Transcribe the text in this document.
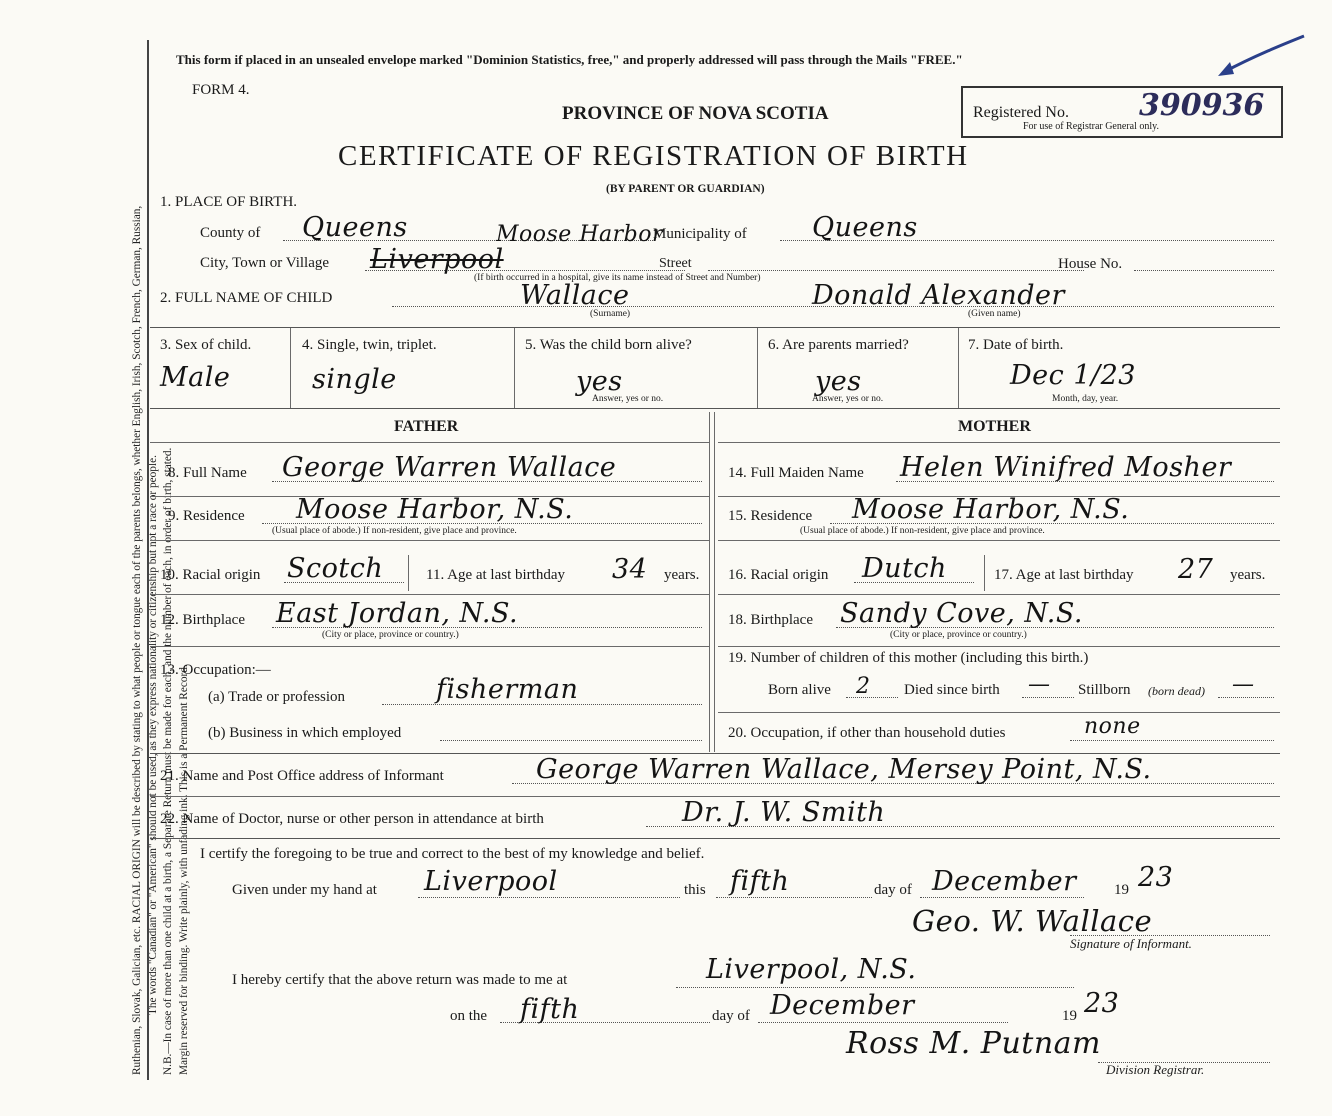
Ruthenian, Slovak, Galician, etc. RACIAL ORIGIN will be described by stating to what people or tongue each of the parents belongs, whether English, Irish, Scotch, French, German, Russian, The words "Canadian" or "American" should not be used, as they express nationality or citizenship but not a race or people. N.B.—In case of more than one child at a birth, a Separate Return must be made for each, and the number of each, in order of birth, stated. Margin reserved for binding. Write plainly, with unfading ink. This is a Permanent Record.
This form if placed in an unsealed envelope marked "Dominion Statistics, free," and properly addressed will pass through the Mails "FREE."
FORM 4.
PROVINCE OF NOVA SCOTIA	Registered No. 390936
For use of Registrar General only.
CERTIFICATE OF REGISTRATION OF BIRTH
(BY PARENT OR GUARDIAN)
1. PLACE OF BIRTH.
County of Queens	Moose Harbor
Municipality of Queens
City, Town or Village Liverpool	Street
(If birth occurred in a hospital, give its name instead of Street and Number)
House No.
2. FULL NAME OF CHILD	Wallace
(Surname)
Donald Alexander
(Given name)
3. Sex of child.
Male
4. Single, twin, triplet.
single
5. Was the child born alive?
yes
Answer, yes or no.
6. Are parents married?
yes
Answer, yes or no.
7. Date of birth.
Dec 1/23
Month, day, year.
FATHER	MOTHER
8. Full Name George Warren Wallace
9. Residence Moose Harbor, N.S.
(Usual place of abode.) If non-resident, give place and province.
10. Racial origin Scotch	11. Age at last birthday 34 years.
12. Birthplace East Jordan, N.S.
(City or place, province or country.)
13. Occupation:—
(a) Trade or profession	fisherman
(b) Business in which employed
14. Full Maiden Name Helen Winifred Mosher
15. Residence Moose Harbor, N.S.
(Usual place of abode.) If non-resident, give place and province.
16. Racial origin Dutch	17. Age at last birthday 27 years.
18. Birthplace Sandy Cove, N.S.
(City or place, province or country.)
19. Number of children of this mother (including this birth.)
Born alive 2 Died since birth — Stillborn (born dead) —
20. Occupation, if other than household duties	none
21. Name and Post Office address of Informant	George Warren Wallace, Mersey Point, N.S.
22. Name of Doctor, nurse or other person in attendance at birth	Dr. J. W. Smith
I certify the foregoing to be true and correct to the best of my knowledge and belief.
Given under my hand at Liverpool	this fifth	day of December	19 23
Geo. W. Wallace
Signature of Informant.
I hereby certify that the above return was made to me at	Liverpool, N.S.
on the fifth	day of December	19 23
Ross M. Putnam
Division Registrar.
